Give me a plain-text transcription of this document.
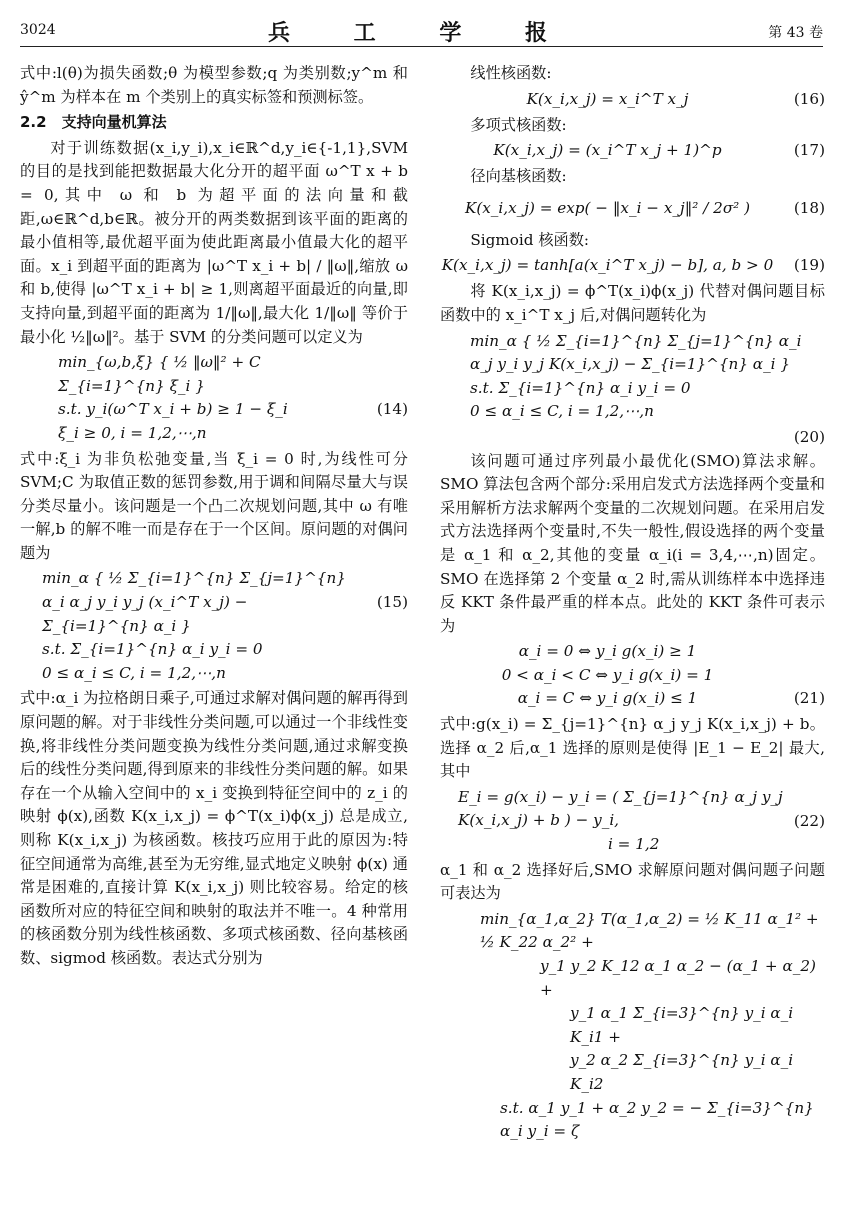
3024	兵 工 学 报	第 43 卷

式中:l(θ)为损失函数;θ 为模型参数;q 为类别数;y^m 和 ŷ^m 为样本在 m 个类别上的真实标签和预测标签。

2.2　支持向量机算法

对于训练数据(x_i,y_i),x_i∈ℝ^d,y_i∈{-1,1},SVM 的目的是找到能把数据最大化分开的超平面 ω^T x + b = 0,其中 ω 和 b 为超平面的法向量和截距,ω∈ℝ^d,b∈ℝ。被分开的两类数据到该平面的距离的最小值相等,最优超平面为使此距离最小值最大化的超平面。x_i 到超平面的距离为 |ω^T x_i + b| / ‖ω‖,缩放 ω 和 b,使得 |ω^T x_i + b| ≥ 1,则离超平面最近的向量,即支持向量,到超平面的距离为 1/‖ω‖,最大化 1/‖ω‖ 等价于最小化 ½‖ω‖²。基于 SVM 的分类问题可以定义为

min_{ω,b,ξ} { ½ ‖ω‖² + C Σ_{i=1}^{n} ξ_i }
s.t. y_i(ω^T x_i + b) ≥ 1 − ξ_i
ξ_i ≥ 0, i = 1,2,⋯,n
(14)

式中:ξ_i 为非负松弛变量,当 ξ_i = 0 时,为线性可分 SVM;C 为取值正数的惩罚参数,用于调和间隔尽量大与误分类尽量小。该问题是一个凸二次规划问题,其中 ω 有唯一解,b 的解不唯一而是存在于一个区间。原问题的对偶问题为

min_α { ½ Σ_{i=1}^{n} Σ_{j=1}^{n} α_i α_j y_i y_j (x_i^T x_j) − Σ_{i=1}^{n} α_i }
s.t. Σ_{i=1}^{n} α_i y_i = 0
0 ≤ α_i ≤ C, i = 1,2,⋯,n
(15)

式中:α_i 为拉格朗日乘子,可通过求解对偶问题的解再得到原问题的解。对于非线性分类问题,可以通过一个非线性变换,将非线性分类问题变换为线性分类问题,通过求解变换后的线性分类问题,得到原来的非线性分类问题的解。如果存在一个从输入空间中的 x_i 变换到特征空间中的 z_i 的映射 ϕ(x),函数 K(x_i,x_j) = ϕ^T(x_i)ϕ(x_j) 总是成立,则称 K(x_i,x_j) 为核函数。核技巧应用于此的原因为:特征空间通常为高维,甚至为无穷维,显式地定义映射 ϕ(x) 通常是困难的,直接计算 K(x_i,x_j) 则比较容易。给定的核函数所对应的特征空间和映射的取法并不唯一。4 种常用的核函数分别为线性核函数、多项式核函数、径向基核函数、sigmod 核函数。表达式分别为

线性核函数:

K(x_i,x_j) = x_i^T x_j	(16)

多项式核函数:

K(x_i,x_j) = (x_i^T x_j + 1)^p	(17)

径向基核函数:

K(x_i,x_j) = exp( − ‖x_i − x_j‖² / 2σ² )	(18)

Sigmoid 核函数:

K(x_i,x_j) = tanh[a(x_i^T x_j) − b], a, b > 0	(19)

将 K(x_i,x_j) = ϕ^T(x_i)ϕ(x_j) 代替对偶问题目标函数中的 x_i^T x_j 后,对偶问题转化为

min_α { ½ Σ_{i=1}^{n} Σ_{j=1}^{n} α_i α_j y_i y_j K(x_i,x_j) − Σ_{i=1}^{n} α_i }
s.t. Σ_{i=1}^{n} α_i y_i = 0
0 ≤ α_i ≤ C, i = 1,2,⋯,n
(20)

该问题可通过序列最小最优化(SMO)算法求解。SMO 算法包含两个部分:采用启发式方法选择两个变量和采用解析方法求解两个变量的二次规划问题。在采用启发式方法选择两个变量时,不失一般性,假设选择的两个变量是 α_1 和 α_2,其他的变量 α_i(i = 3,4,⋯,n)固定。SMO 在选择第 2 个变量 α_2 时,需从训练样本中选择违反 KKT 条件最严重的样本点。此处的 KKT 条件可表示为

α_i = 0 ⇔ y_i g(x_i) ≥ 1
0 < α_i < C ⇔ y_i g(x_i) = 1
α_i = C ⇔ y_i g(x_i) ≤ 1	(21)

式中:g(x_i) = Σ_{j=1}^{n} α_j y_j K(x_i,x_j) + b。选择 α_2 后,α_1 选择的原则是使得 |E_1 − E_2| 最大,其中

E_i = g(x_i) − y_i = ( Σ_{j=1}^{n} α_j y_j K(x_i,x_j) + b ) − y_i,
i = 1,2
(22)

α_1 和 α_2 选择好后,SMO 求解原问题对偶问题子问题可表达为

min_{α_1,α_2} T(α_1,α_2) = ½ K_11 α_1² + ½ K_22 α_2² +
y_1 y_2 K_12 α_1 α_2 − (α_1 + α_2) +
y_1 α_1 Σ_{i=3}^{n} y_i α_i K_i1 +
y_2 α_2 Σ_{i=3}^{n} y_i α_i K_i2
s.t. α_1 y_1 + α_2 y_2 = − Σ_{i=3}^{n} α_i y_i = ζ
